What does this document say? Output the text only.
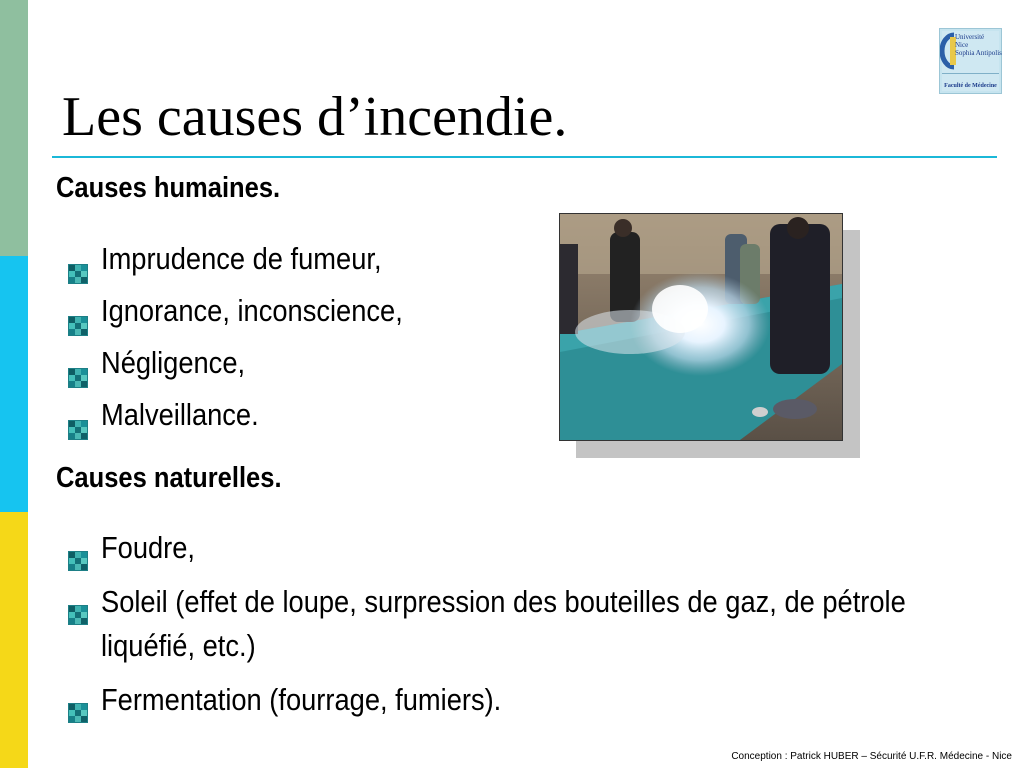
Université
Nice
Sophia Antipolis
Faculté de Médecine
Les causes d’incendie.
Causes humaines.
Imprudence de fumeur,
Ignorance, inconscience,
Négligence,
Malveillance.
Causes naturelles.
Foudre,
Soleil (effet de loupe, surpression des bouteilles de gaz, de pétrole liquéfié, etc.)
Fermentation (fourrage, fumiers).
Conception : Patrick HUBER – Sécurité U.F.R. Médecine - Nice
